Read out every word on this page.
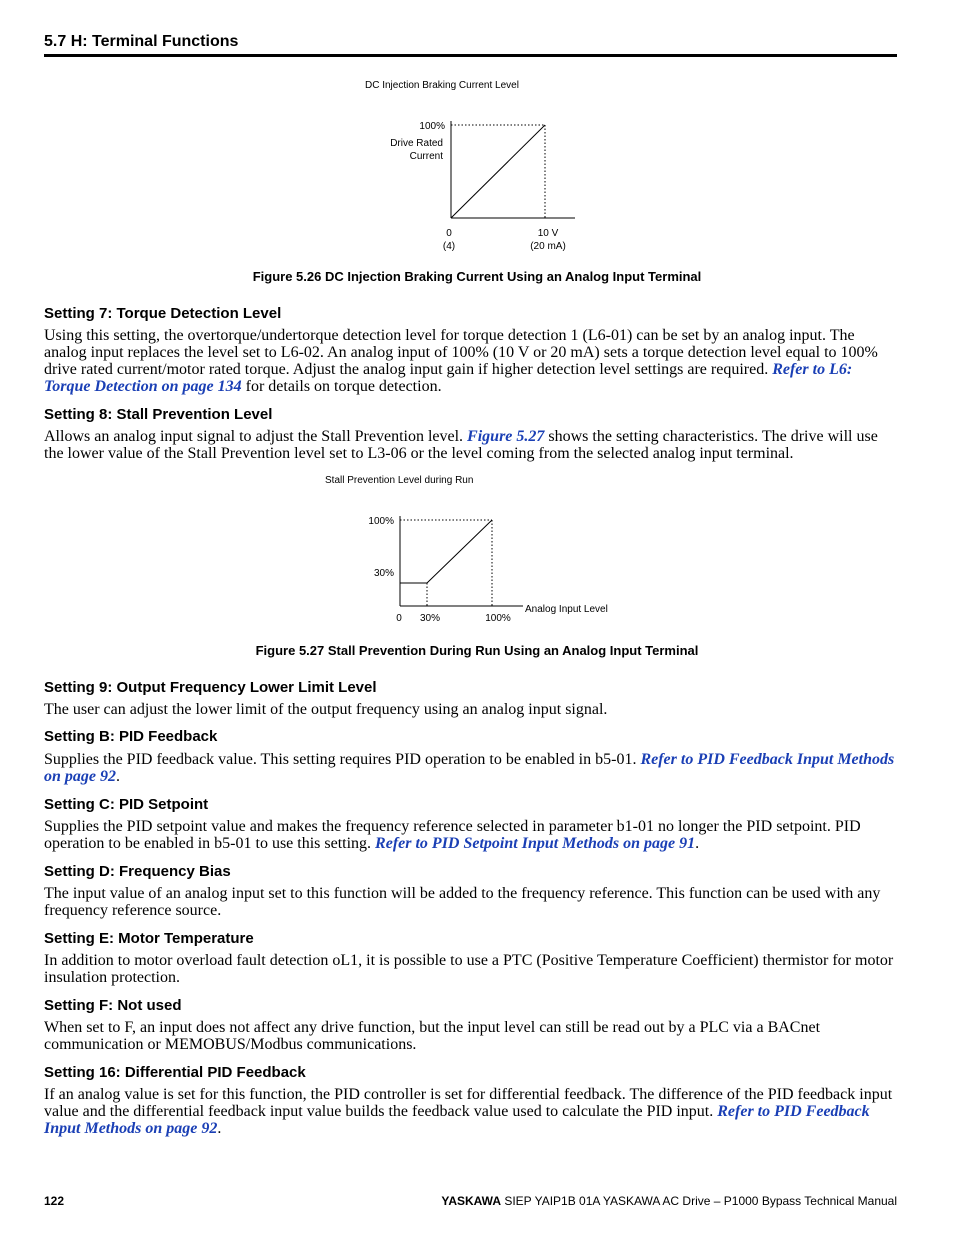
5.7 H: Terminal Functions
DC Injection Braking Current Level
100%
Drive Rated
Current
0
(4)
10 V
(20 mA)
Figure 5.26 DC Injection Braking Current Using an Analog Input Terminal
Setting 7: Torque Detection Level
Using this setting, the overtorque/undertorque detection level for torque detection 1 (L6-01) can be set by an analog input. The analog input replaces the level set to L6-02. An analog input of 100% (10 V or 20 mA) sets a torque detection level equal to 100% drive rated current/motor rated torque. Adjust the analog input gain if higher detection level settings are required. Refer to L6: Torque Detection on page 134 for details on torque detection.
Setting 8: Stall Prevention Level
Allows an analog input signal to adjust the Stall Prevention level. Figure 5.27 shows the setting characteristics. The drive will use the lower value of the Stall Prevention level set to L3-06 or the level coming from the selected analog input terminal.
Stall Prevention Level during Run
100%
30%
0 30%	100%
Analog Input Level
Figure 5.27 Stall Prevention During Run Using an Analog Input Terminal
Setting 9: Output Frequency Lower Limit Level
The user can adjust the lower limit of the output frequency using an analog input signal.
Setting B: PID Feedback
Supplies the PID feedback value. This setting requires PID operation to be enabled in b5-01. Refer to PID Feedback Input Methods on page 92.
Setting C: PID Setpoint
Supplies the PID setpoint value and makes the frequency reference selected in parameter b1-01 no longer the PID setpoint. PID operation to be enabled in b5-01 to use this setting. Refer to PID Setpoint Input Methods on page 91.
Setting D: Frequency Bias
The input value of an analog input set to this function will be added to the frequency reference. This function can be used with any frequency reference source.
Setting E: Motor Temperature
In addition to motor overload fault detection oL1, it is possible to use a PTC (Positive Temperature Coefficient) thermistor for motor insulation protection.
Setting F: Not used
When set to F, an input does not affect any drive function, but the input level can still be read out by a PLC via a BACnet communication or MEMOBUS/Modbus communications.
Setting 16: Differential PID Feedback
If an analog value is set for this function, the PID controller is set for differential feedback. The difference of the PID feedback input value and the differential feedback input value builds the feedback value used to calculate the PID input. Refer to PID Feedback Input Methods on page 92.
122	YASKAWA SIEP YAIP1B 01A YASKAWA AC Drive – P1000 Bypass Technical Manual
